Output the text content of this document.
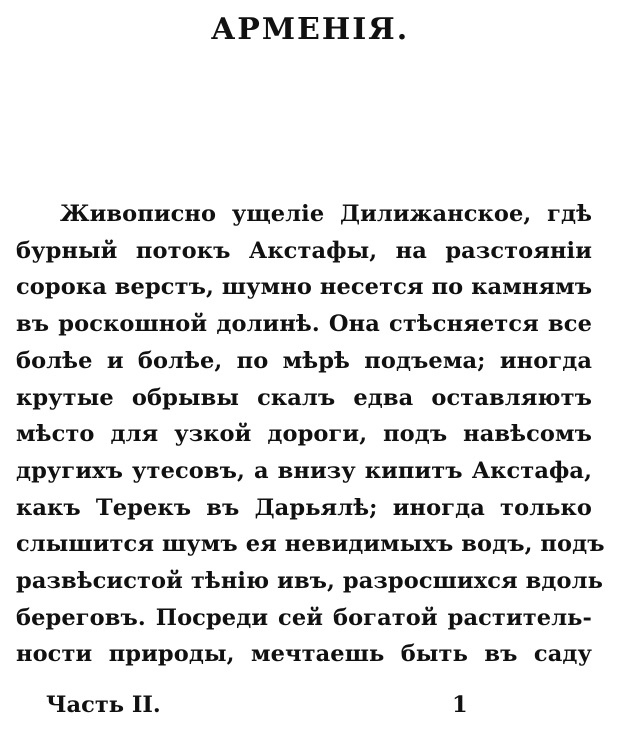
АРМЕНІЯ.
Живописно ущеліе Дилижанское, гдѣ
бурный потокъ Акстафы, на разстояніи
сорока верстъ, шумно несется по камнямъ
въ роскошной долинѣ. Она стѣсняется все
болѣе и болѣе, по мѣрѣ подъема; иногда
крутые обрывы скалъ едва оставляютъ
мѣсто для узкой дороги, подъ навѣсомъ
другихъ утесовъ, а внизу кипитъ Акстафа,
какъ Терекъ въ Дарьялѣ; иногда только
слышится шумъ ея невидимыхъ водъ, подъ
развѣсистой тѣнію ивъ, разросшихся вдоль
береговъ. Посреди сей богатой раститель-
ности природы, мечтаешь быть въ саду
Часть II.	1
